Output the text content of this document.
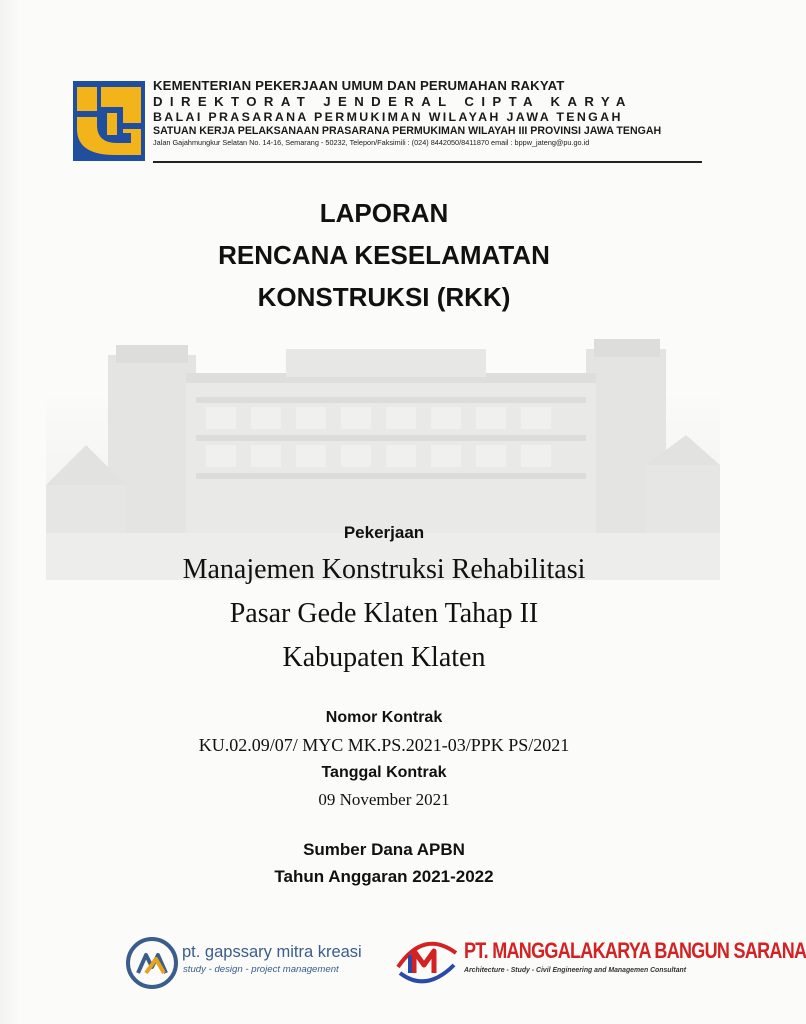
KEMENTERIAN PEKERJAAN UMUM DAN PERUMAHAN RAKYAT
DIREKTORAT JENDERAL CIPTA KARYA
BALAI PRASARANA PERMUKIMAN WILAYAH JAWA TENGAH
SATUAN KERJA PELAKSANAAN PRASARANA PERMUKIMAN WILAYAH III PROVINSI JAWA TENGAH
Jalan Gajahmungkur Selatan No. 14-16, Semarang - 50232, Telepon/Faksimili : (024) 8442050/8411870 email : bppw_jateng@pu.go.id
LAPORAN
RENCANA KESELAMATAN
KONSTRUKSI (RKK)
Pekerjaan
Manajemen Konstruksi Rehabilitasi
Pasar Gede Klaten Tahap II
Kabupaten Klaten
Nomor Kontrak
KU.02.09/07/ MYC MK.PS.2021-03/PPK PS/2021
Tanggal Kontrak
09 November 2021
Sumber Dana APBN
Tahun Anggaran 2021-2022
pt. gapssary mitra kreasi
study - design - project management
PT. MANGGALAKARYA BANGUN SARANA
Architecture - Study - Civil Engineering and Managemen Consultant
